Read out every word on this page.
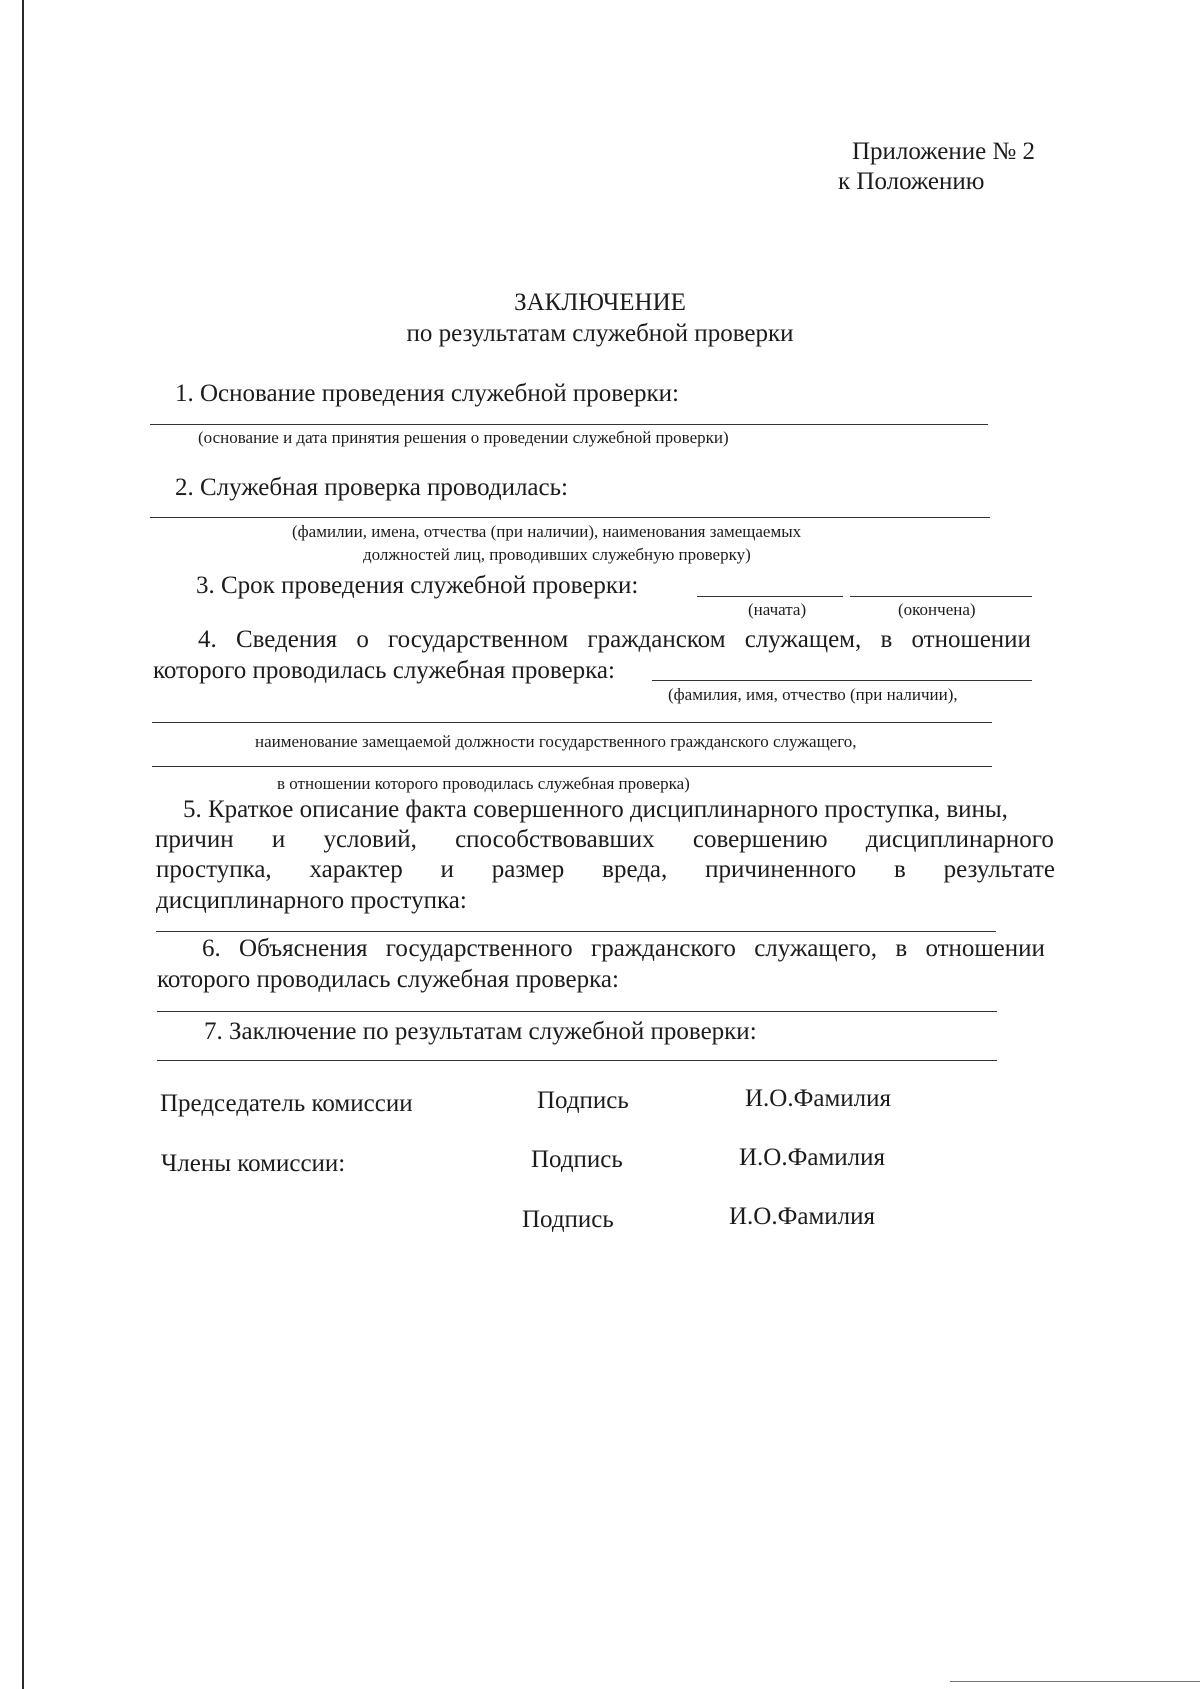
Приложение № 2
к Положению
ЗАКЛЮЧЕНИЕ
по результатам служебной проверки
1. Основание проведения служебной проверки:
(основание и дата принятия решения о проведении служебной проверки)
2. Служебная проверка проводилась:
(фамилии, имена, отчества (при наличии), наименования замещаемых
должностей лиц, проводивших служебную проверку)
3. Срок проведения служебной проверки:
(начата)	(окончена)
4. Сведения о государственном гражданском служащем, в отношении
которого проводилась служебная проверка:
(фамилия, имя, отчество (при наличии),
наименование замещаемой должности государственного гражданского служащего,
в отношении которого проводилась служебная проверка)
5. Краткое описание факта совершенного дисциплинарного проступка, вины,
причин и условий, способствовавших совершению дисциплинарного
проступка, характер и размер вреда, причиненного в результате
дисциплинарного проступка:
6. Объяснения государственного гражданского служащего, в отношении
которого проводилась служебная проверка:
7. Заключение по результатам служебной проверки:
Председатель комиссии	Подпись	И.О.Фамилия
Члены комиссии:	Подпись	И.О.Фамилия
Подпись	И.О.Фамилия
